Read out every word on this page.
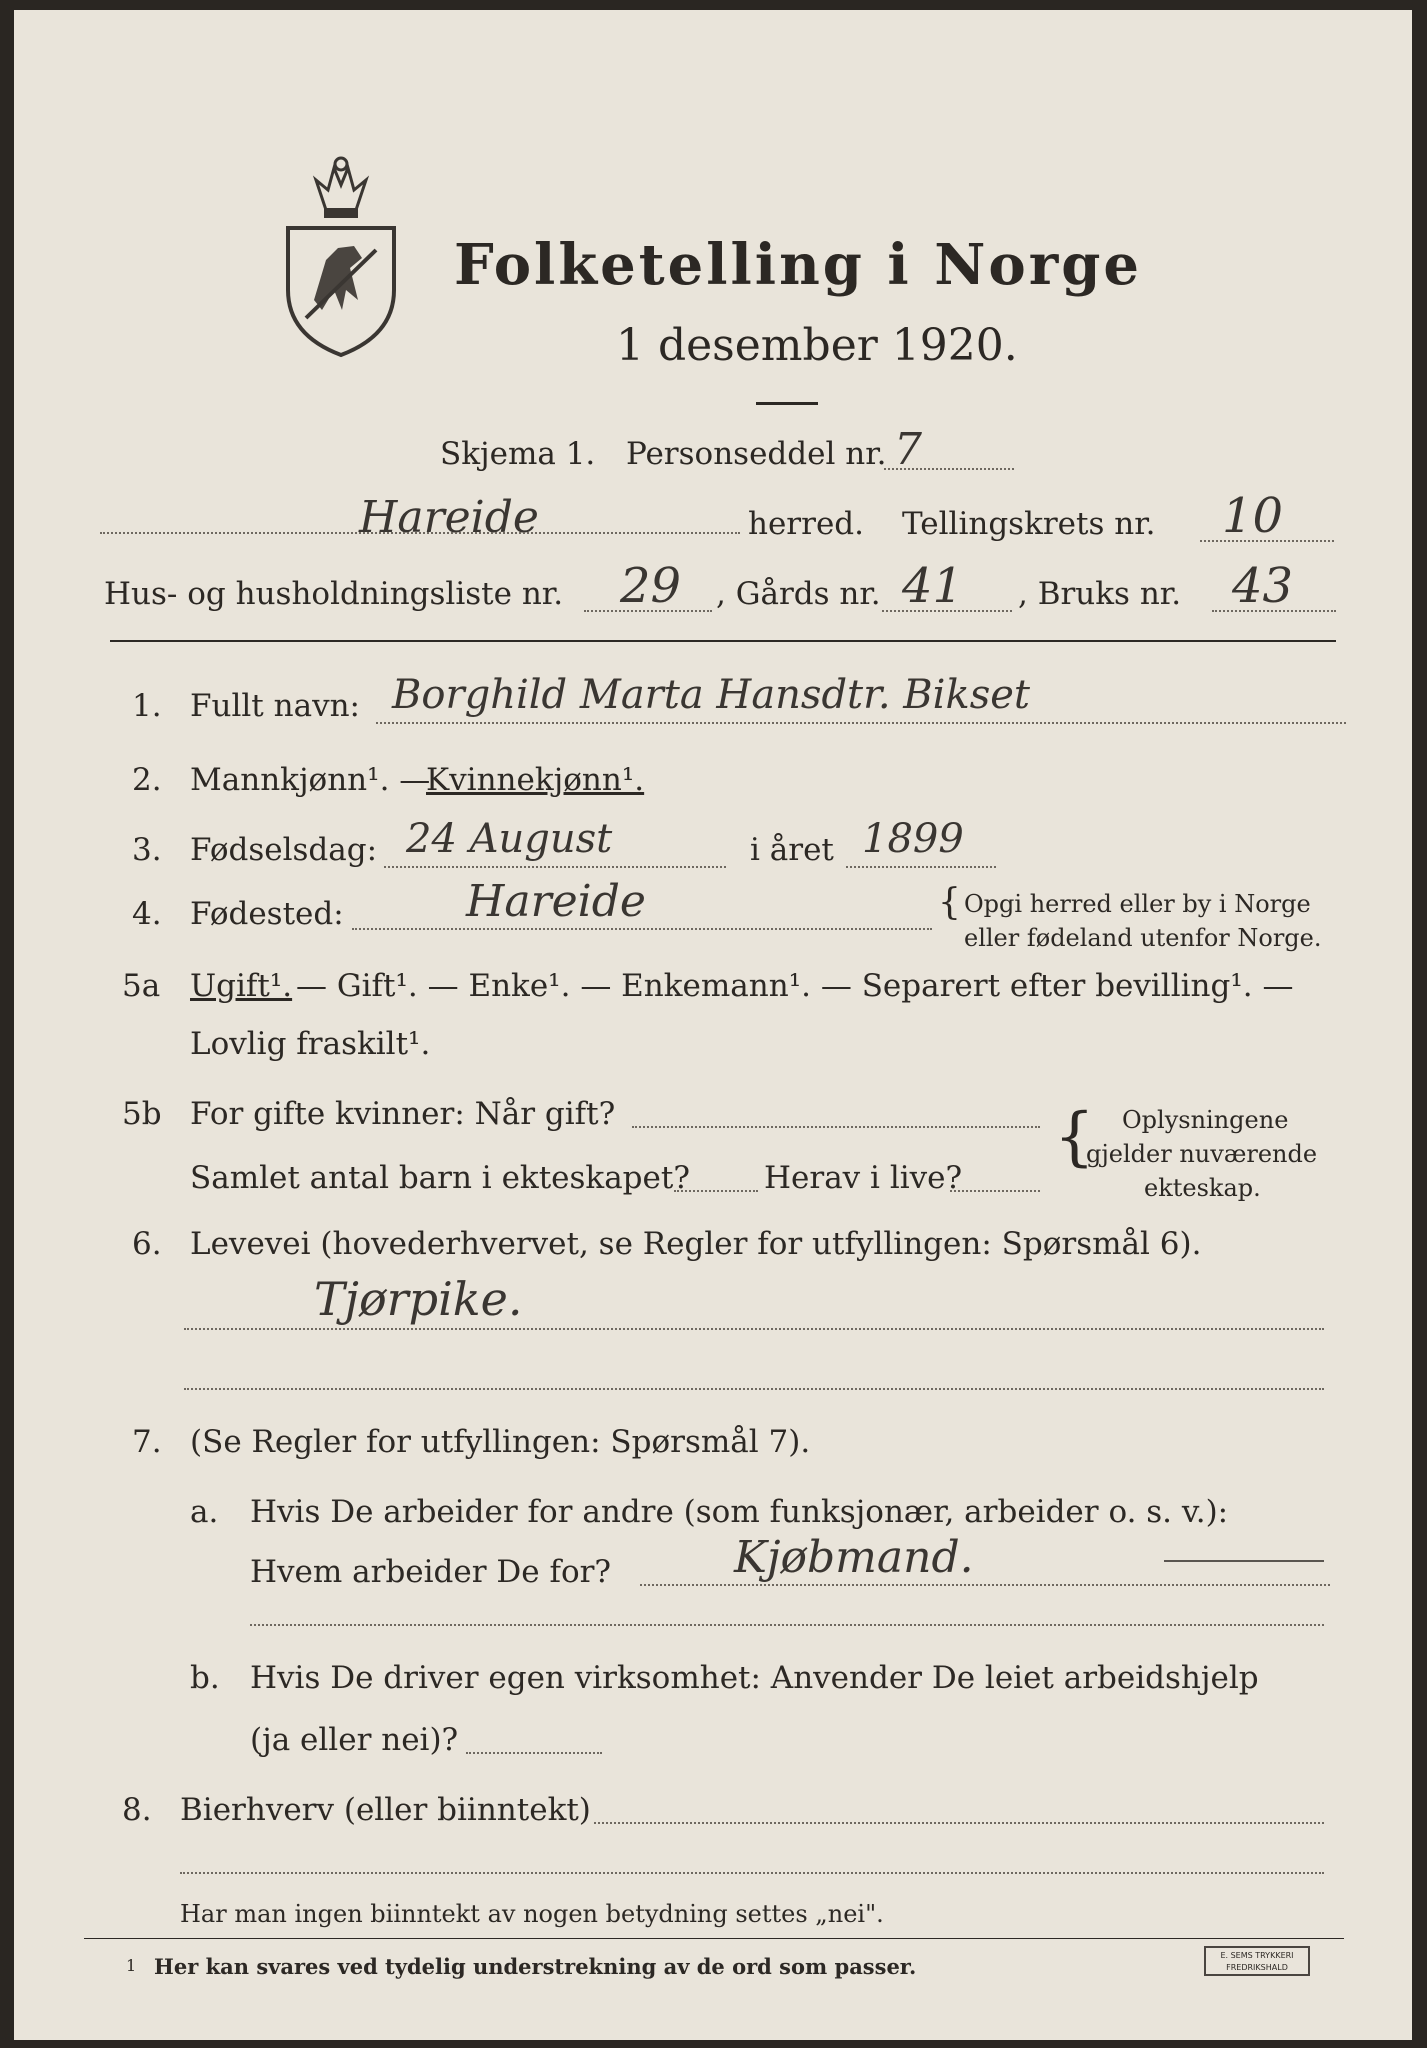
Folketelling i Norge
1 desember 1920.
Skjema 1. Personseddel nr. 7
Hareide	herred. Tellingskrets nr. 10
Hus- og husholdningsliste nr. 29 , Gårds nr. 41 , Bruks nr. 43
1. Fullt navn: Borghild Marta Hansdtr. Bikset
2. Mannkjønn¹. —
Kvinnekjønn¹.
3. Fødselsdag: 24 August	i året 1899
4. Fødested:	Hareide	{ Opgi herred eller by i Norge
eller fødeland utenfor Norge.
5a Ugift¹. — Gift¹. — Enke¹. — Enkemann¹. — Separert efter bevilling¹. —
Lovlig fraskilt¹.
5b For gifte kvinner: Når gift?
Samlet antal barn i ekteskapet? Herav i live?
{ Oplysningene
gjelder nuværende
ekteskap.
6. Levevei (hovederhvervet, se Regler for utfyllingen: Spørsmål 6).
Tjørpike.
7. (Se Regler for utfyllingen: Spørsmål 7).
a. Hvis De arbeider for andre (som funksjonær, arbeider o. s. v.):
Hvem arbeider De for?	Kjøbmand.
b. Hvis De driver egen virksomhet: Anvender De leiet arbeidshjelp
(ja eller nei)?
8. Bierhverv (eller biinntekt)
Har man ingen biinntekt av nogen betydning settes „nei".
1 Her kan svares ved tydelig understrekning av de ord som passer.	E. SEMS TRYKKERI
FREDRIKSHALD
